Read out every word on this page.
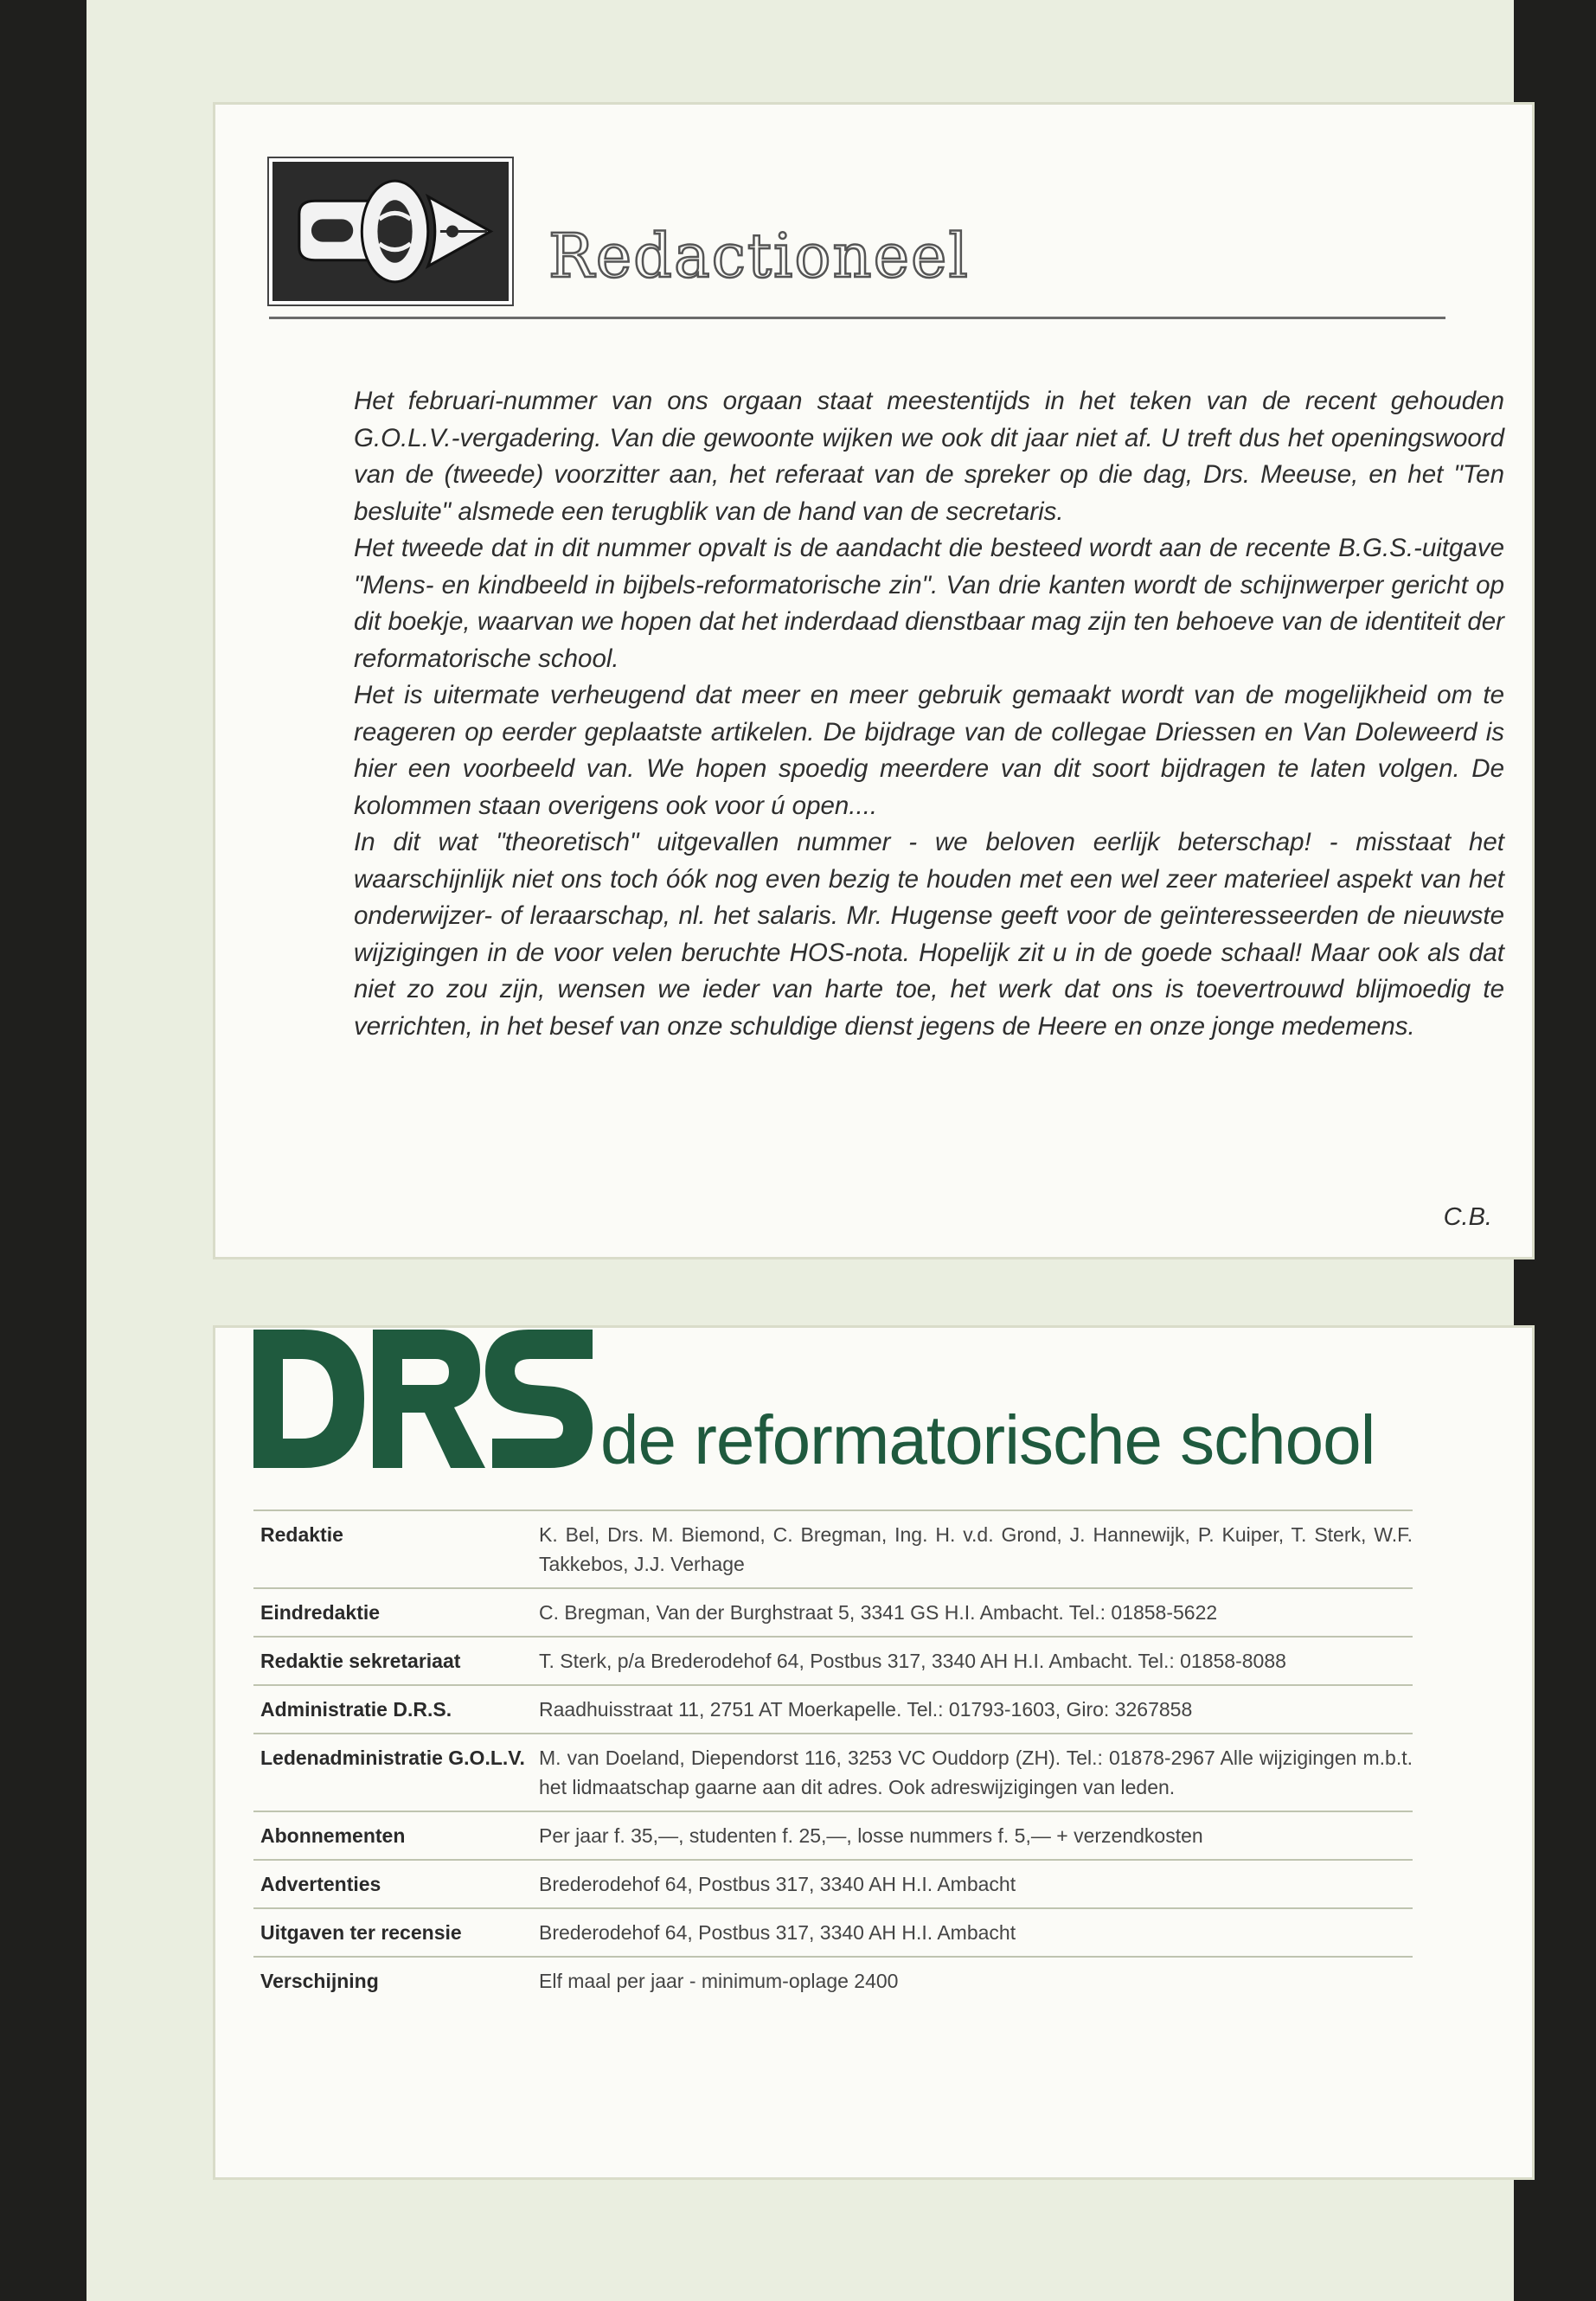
Redactioneel

Het februari-nummer van ons orgaan staat meestentijds in het teken van de recent gehouden G.O.L.V.-vergadering. Van die gewoonte wijken we ook dit jaar niet af. U treft dus het openingswoord van de (tweede) voorzitter aan, het referaat van de spreker op die dag, Drs. Meeuse, en het "Ten besluite" alsmede een terugblik van de hand van de secretaris.

Het tweede dat in dit nummer opvalt is de aandacht die besteed wordt aan de recente B.G.S.-uitgave "Mens- en kindbeeld in bijbels-reformatorische zin". Van drie kanten wordt de schijnwerper gericht op dit boekje, waarvan we hopen dat het inderdaad dienstbaar mag zijn ten behoeve van de identiteit der reformatorische school.

Het is uitermate verheugend dat meer en meer gebruik gemaakt wordt van de mogelijkheid om te reageren op eerder geplaatste artikelen. De bijdrage van de collegae Driessen en Van Doleweerd is hier een voorbeeld van. We hopen spoedig meerdere van dit soort bijdragen te laten volgen. De kolommen staan overigens ook voor ú open....

In dit wat "theoretisch" uitgevallen nummer - we beloven eerlijk beterschap! - misstaat het waarschijnlijk niet ons toch óók nog even bezig te houden met een wel zeer materieel aspekt van het onderwijzer- of leraarschap, nl. het salaris. Mr. Hugense geeft voor de geïnteresseerden de nieuwste wijzigingen in de voor velen beruchte HOS-nota. Hopelijk zit u in de goede schaal! Maar ook als dat niet zo zou zijn, wensen we ieder van harte toe, het werk dat ons is toevertrouwd blijmoedig te verrichten, in het besef van onze schuldige dienst jegens de Heere en onze jonge medemens.

C.B.
de reformatorische school
Redaktie	K. Bel, Drs. M. Biemond, C. Bregman, Ing. H. v.d. Grond, J. Hannewijk, P. Kuiper, T. Sterk, W.F. Takkebos, J.J. Verhage
Eindredaktie	C. Bregman, Van der Burghstraat 5, 3341 GS H.I. Ambacht. Tel.: 01858-5622
Redaktie sekretariaat	T. Sterk, p/a Brederodehof 64, Postbus 317, 3340 AH H.I. Ambacht. Tel.: 01858-8088
Administratie D.R.S.	Raadhuisstraat 11, 2751 AT Moerkapelle. Tel.: 01793-1603, Giro: 3267858
Ledenadministratie G.O.L.V.	M. van Doeland, Diependorst 116, 3253 VC Ouddorp (ZH). Tel.: 01878-2967 Alle wijzigingen m.b.t. het lidmaatschap gaarne aan dit adres. Ook adreswijzigingen van leden.
Abonnementen	Per jaar f. 35,—, studenten f. 25,—, losse nummers f. 5,— + verzendkosten
Advertenties	Brederodehof 64, Postbus 317, 3340 AH H.I. Ambacht
Uitgaven ter recensie	Brederodehof 64, Postbus 317, 3340 AH H.I. Ambacht
Verschijning	Elf maal per jaar - minimum-oplage 2400
